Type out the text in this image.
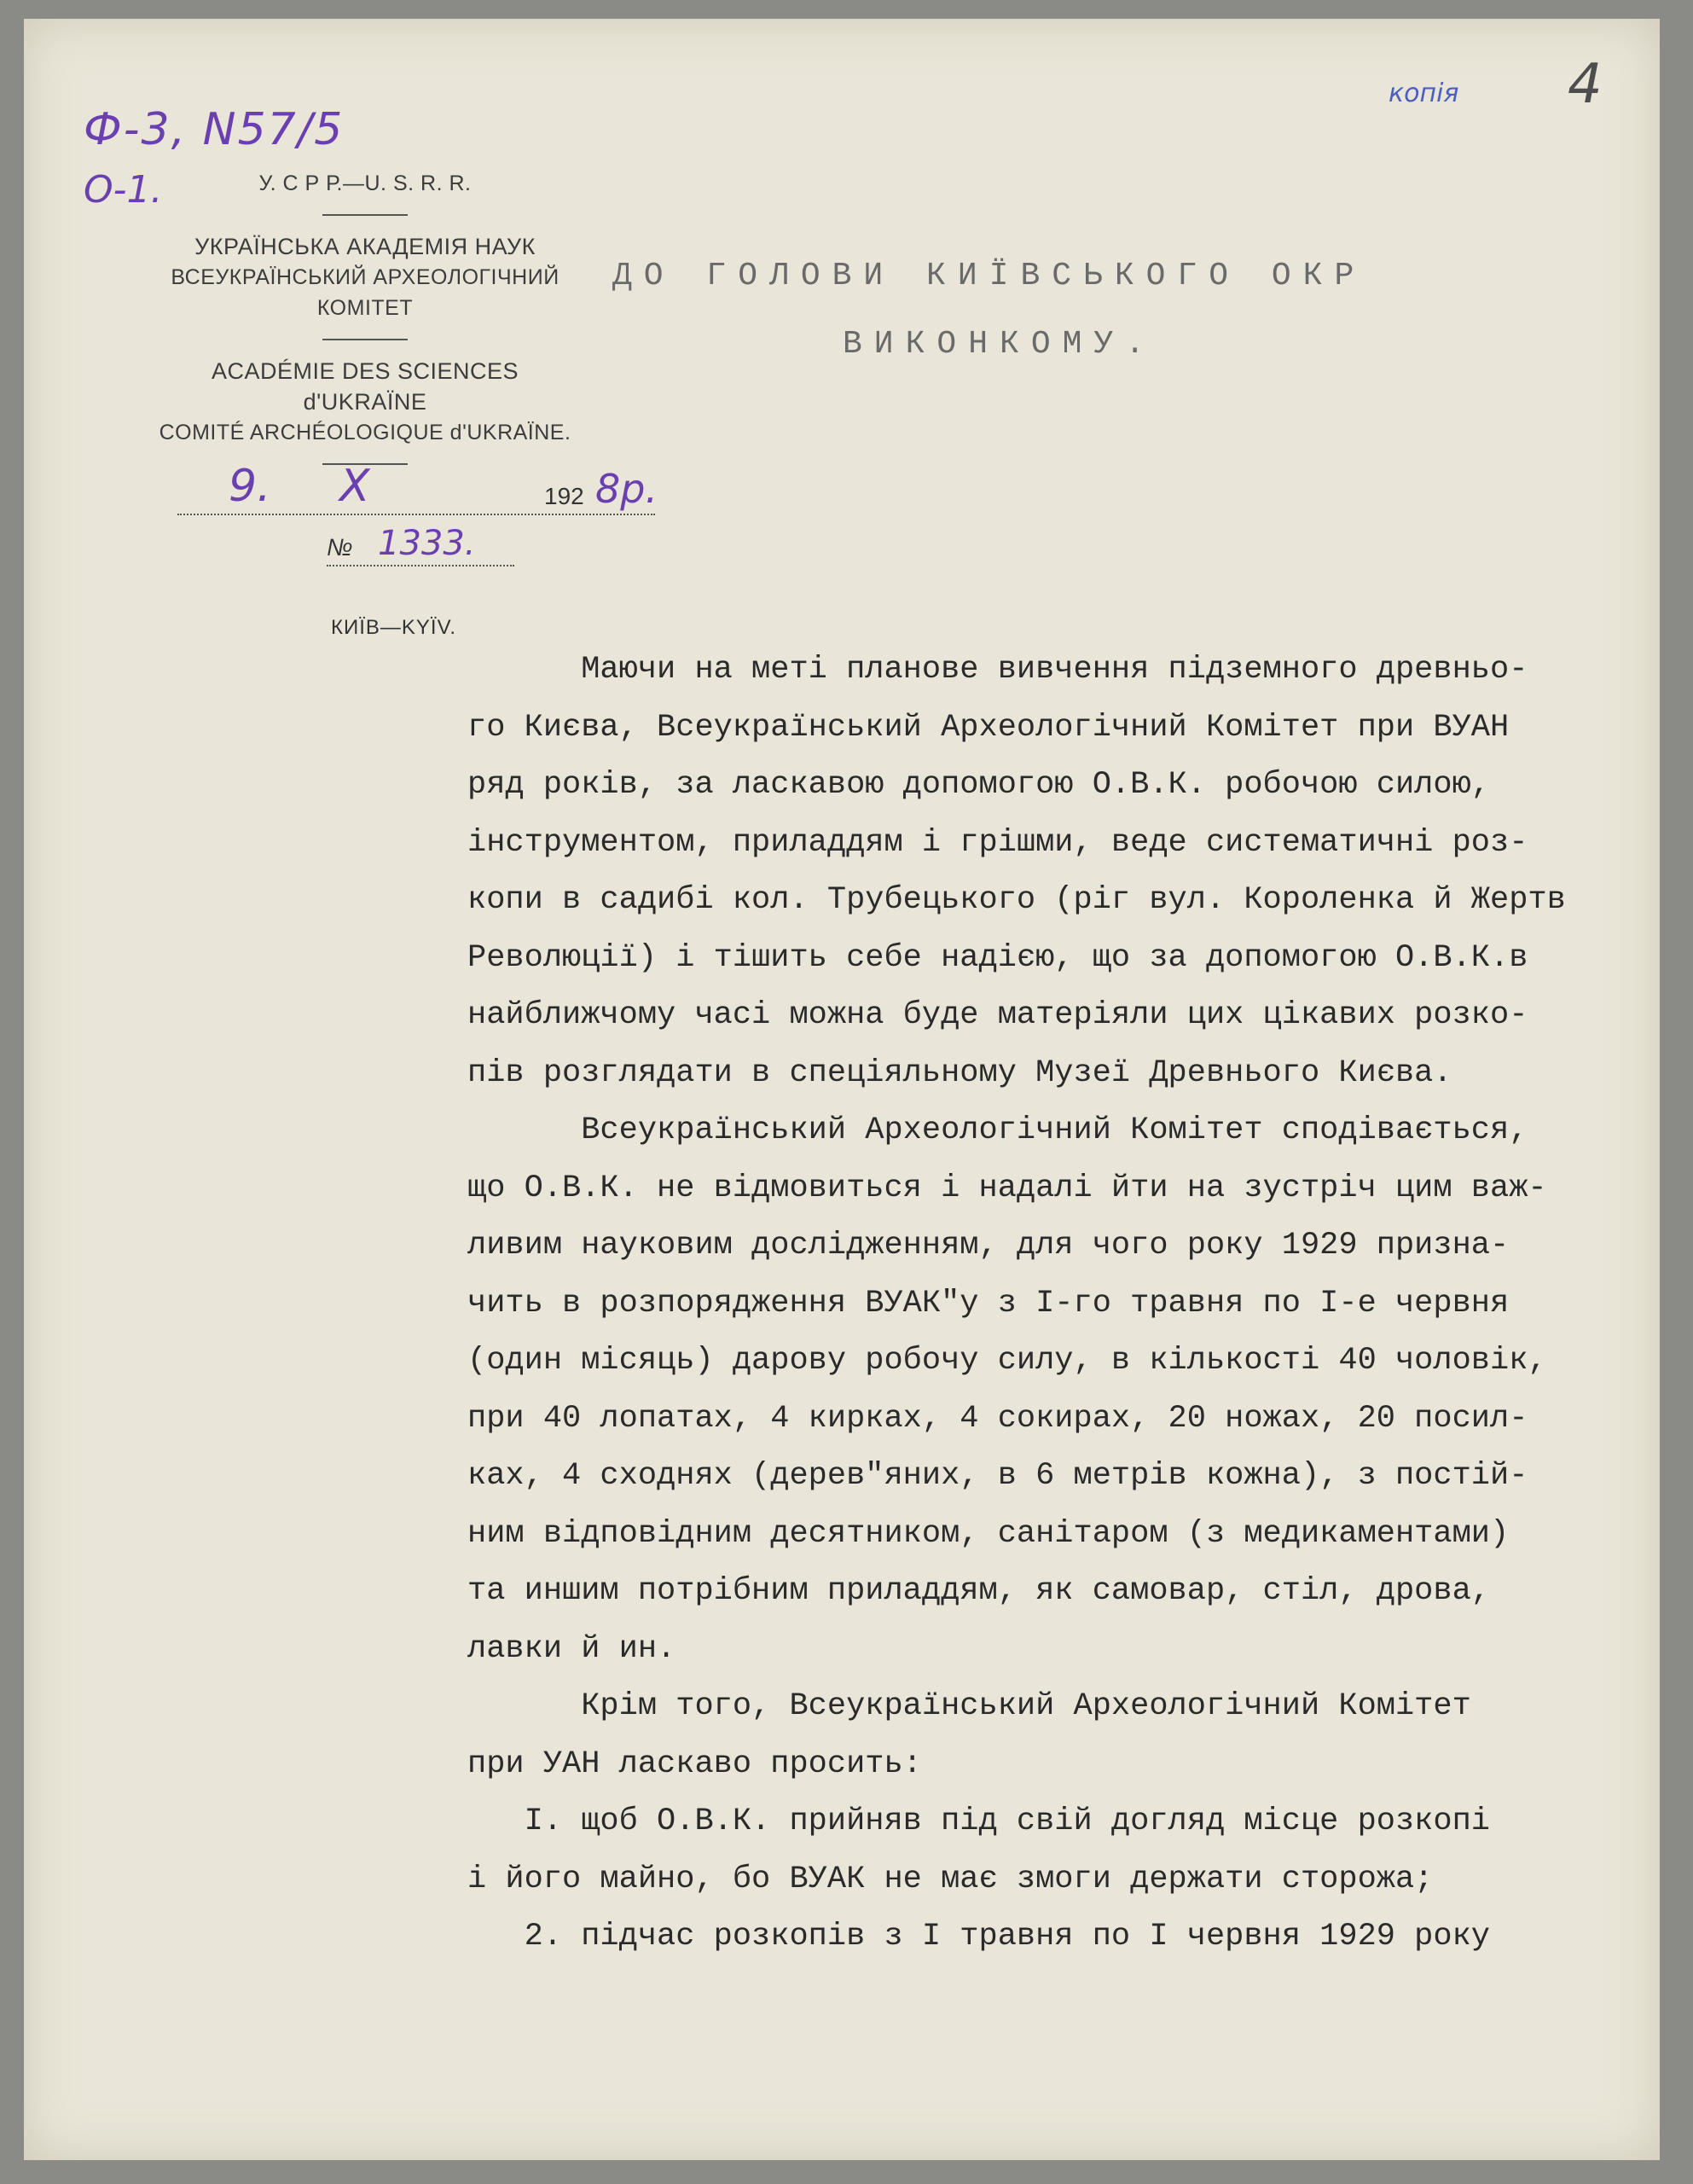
Ф-3, N57/5
О-1.
4
копія
У. С Р Р.—U. S. R. R.
УКРАЇНСЬКА АКАДЕМІЯ НАУК
ВСЕУКРАЇНСЬКИЙ АРХЕОЛОГІЧНИЙ КОМІТЕТ
ACADÉMIE DES SCIENCES d'UKRAÏNE
COMITÉ ARCHÉOLOGIQUE d'UKRAÏNE.
9. X	192 8р.
№ 1333.
КИЇВ—KYÏV.
ДО ГОЛОВИ КИЇВСЬКОГО ОКР
ВИКОНКОМУ.
Маючи на меті планове вивчення підземного древньо-
го Києва, Всеукраїнський Археологічний Комітет при ВУАН
ряд років, за ласкавою допомогою О.В.К. робочою силою,
інструментом, приладдям і грішми, веде систематичні роз-
копи в садибі кол. Трубецького (ріг вул. Короленка й Жертв
Революції) і тішить себе надією, що за допомогою О.В.К.в
найближчому часі можна буде матеріяли цих цікавих розко-
пів розглядати в спеціяльному Музеї Древнього Києва.
Всеукраїнський Археологічний Комітет сподівається,
що О.В.К. не відмовиться і надалі йти на зустріч цим важ-
ливим науковим дослідженням, для чого року 1929 призна-
чить в розпорядження ВУАК"у з І-го травня по І-е червня
(один місяць) дарову робочу силу, в кількості 40 чоловік,
при 40 лопатах, 4 кирках, 4 сокирах, 20 ножах, 20 посил-
ках, 4 сходнях (дерев"яних, в 6 метрів кожна), з постій-
ним відповідним десятником, санітаром (з медикаментами)
та иншим потрібним приладдям, як самовар, стіл, дрова,
лавки й ин.
Крім того, Всеукраїнський Археологічний Комітет
при УАН ласкаво просить:
І. щоб О.В.К. прийняв під свій догляд місце розкопі
і його майно, бо ВУАК не має змоги держати сторожа;
2. підчас розкопів з І травня по І червня 1929 року
